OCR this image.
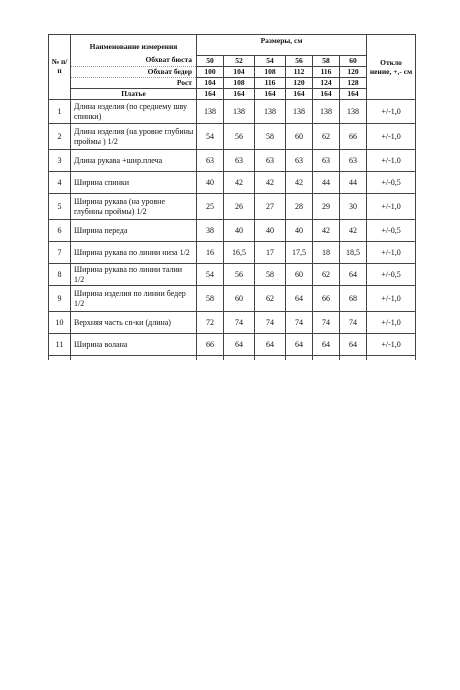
№ п/п	Наименование измерения	Размеры, см						Откло нение, +,- см
	Обхват бюста	50	52	54	56	58	60	
	Обхват бедер	100	104	108	112	116	120	
	Рост	104	108	116	120	124	128	
	Платье	164	164	164	164	164	164	
1	Длина изделия (по среднему шву спинки)	138	138	138	138	138	138	+/-1,0
2	Длина изделия (на уровне глубины проймы ) 1/2	54	56	58	60	62	66	+/-1,0
3	Длина рукава +шир.плеча	63	63	63	63	63	63	+/-1.0
4	Ширина спинки	40	42	42	42	44	44	+/-0,5
5	Ширина рукава (на уровне глубины проймы) 1/2	25	26	27	28	29	30	+/-1,0
6	Ширина переда	38	40	40	40	42	42	+/-0,5
7	Ширина рукава по линии низа 1/2	16	16,5	17	17,5	18	18,5	+/-1,0
8	Ширина рукава по линии талии 1/2	54	56	58	60	62	64	+/-0,5
9	Ширина изделия по линии бедер 1/2	58	60	62	64	66	68	+/-1,0
10	Верхняя часть сп-ки (длина)	72	74	74	74	74	74	+/-1,0
11	Ширина волана	66	64	64	64	64	64	+/-1,0
